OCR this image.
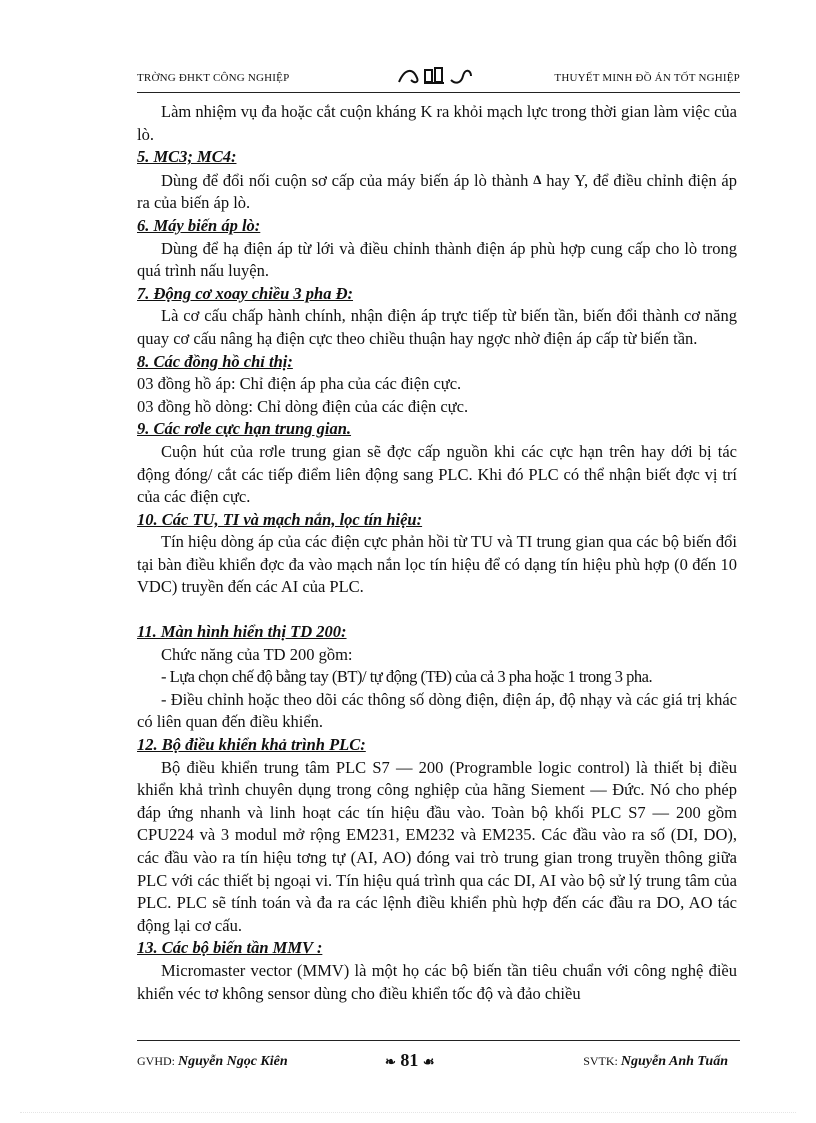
TRỜNG ĐHKT CÔNG NGHIỆP	THUYẾT MINH ĐỒ ÁN TỐT NGHIỆP

Làm nhiệm vụ đa hoặc cắt cuộn kháng K ra khỏi mạch lực trong thời gian làm việc của lò.

5. MC3; MC4:

Dùng để đổi nối cuộn sơ cấp của máy biến áp lò thành Δ hay Y, để điều chỉnh điện áp ra của biến áp lò.

6. Máy biến áp lò:

Dùng để hạ điện áp từ lới và điều chỉnh thành điện áp phù hợp cung cấp cho lò trong quá trình nấu luyện.

7. Động cơ xoay chiều 3 pha Đ:

Là cơ cấu chấp hành chính, nhận điện áp trực tiếp từ biến tần, biến đổi thành cơ năng quay cơ cấu nâng hạ điện cực theo chiều thuận hay ngợc nhờ điện áp cấp từ biến tần.

8. Các đồng hồ chỉ thị:

03 đồng hồ áp: Chỉ điện áp pha của các điện cực.

03 đồng hồ dòng: Chỉ dòng điện của các điện cực.

9. Các rơle cực hạn trung gian.

Cuộn hút của rơle trung gian sẽ đợc cấp nguồn khi các cực hạn trên hay dới bị tác động đóng/ cắt các tiếp điểm liên động sang PLC. Khi đó PLC có thể nhận biết đợc vị trí của các điện cực.

10. Các TU, TI và mạch nắn, lọc tín hiệu:

Tín hiệu dòng áp của các điện cực phản hồi từ TU và TI trung gian qua các bộ biến đổi tại bàn điều khiển đợc đa vào mạch nắn lọc tín hiệu để có dạng tín hiệu phù hợp (0 đến 10 VDC) truyền đến các AI của PLC.

11. Màn hình hiển thị TD 200:

Chức năng của TD 200 gồm:

- Lựa chọn chế độ bằng tay (BT)/ tự động (TĐ) của cả 3 pha hoặc 1 trong 3 pha.

- Điều chỉnh hoặc theo dõi các thông số dòng điện, điện áp, độ nhạy và các giá trị khác có liên quan đến điều khiển.

12. Bộ điều khiển khả trình PLC:

Bộ điều khiển trung tâm PLC S7 — 200 (Programble logic control) là thiết bị điều khiển khả trình chuyên dụng trong công nghiệp của hãng Siement — Đức. Nó cho phép đáp ứng nhanh và linh hoạt các tín hiệu đầu vào. Toàn bộ khối PLC S7 — 200 gồm CPU224 và 3 modul mở rộng EM231, EM232 và EM235. Các đầu vào ra số (DI, DO), các đầu vào ra tín hiệu tơng tự (AI, AO) đóng vai trò trung gian trong truyền thông giữa PLC với các thiết bị ngoại vi. Tín hiệu quá trình qua các DI, AI vào bộ sử lý trung tâm của PLC. PLC sẽ tính toán và đa ra các lệnh điều khiển phù hợp đến các đầu ra DO, AO tác động lại cơ cấu.

13. Các bộ biến tần MMV :

Micromaster vector (MMV) là một họ các bộ biến tần tiêu chuẩn với công nghệ điều khiển véc tơ không sensor dùng cho điều khiển tốc độ và đảo chiều

GVHD: Nguyễn Ngọc Kiên	❧ 81 ☙	SVTK: Nguyễn Anh Tuấn
